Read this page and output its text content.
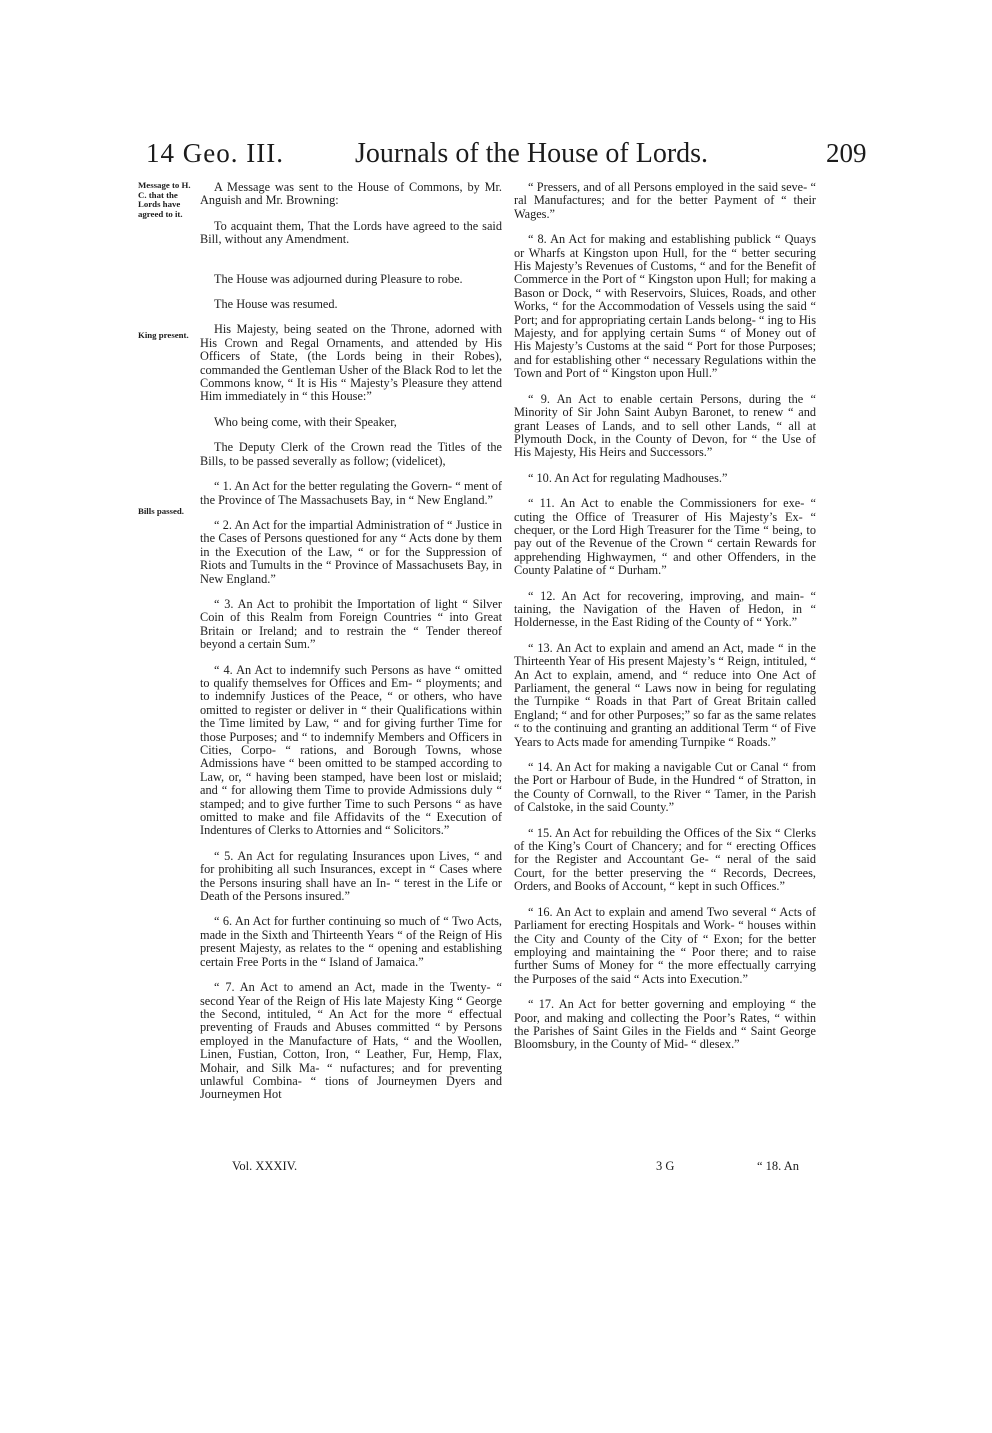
14 Geo. III.	Journals of the House of Lords.	209
Message to H. C. that the Lords have agreed to it.
King present.
Bills passed.

A Message was sent to the House of Commons, by Mr. Anguish and Mr. Browning:

To acquaint them, That the Lords have agreed to the said Bill, without any Amendment.

The House was adjourned during Pleasure to robe.

The House was resumed.

His Majesty, being seated on the Throne, adorned with His Crown and Regal Ornaments, and attended by His Officers of State, (the Lords being in their Robes), commanded the Gentleman Usher of the Black Rod to let the Commons know, “ It is His “ Majesty’s Pleasure they attend Him immediately in “ this House:”

Who being come, with their Speaker,

The Deputy Clerk of the Crown read the Titles of the Bills, to be passed severally as follow; (videlicet),

“ 1. An Act for the better regulating the Govern- “ ment of the Province of The Massachusets Bay, in “ New England.”

“ 2. An Act for the impartial Administration of “ Justice in the Cases of Persons questioned for any “ Acts done by them in the Execution of the Law, “ or for the Suppression of Riots and Tumults in the “ Province of Massachusets Bay, in New England.”

“ 3. An Act to prohibit the Importation of light “ Silver Coin of this Realm from Foreign Countries “ into Great Britain or Ireland; and to restrain the “ Tender thereof beyond a certain Sum.”

“ 4. An Act to indemnify such Persons as have “ omitted to qualify themselves for Offices and Em- “ ployments; and to indemnify Justices of the Peace, “ or others, who have omitted to register or deliver in “ their Qualifications within the Time limited by Law, “ and for giving further Time for those Purposes; and “ to indemnify Members and Officers in Cities, Corpo- “ rations, and Borough Towns, whose Admissions have “ been omitted to be stamped according to Law, or, “ having been stamped, have been lost or mislaid; and “ for allowing them Time to provide Admissions duly “ stamped; and to give further Time to such Persons “ as have omitted to make and file Affidavits of the “ Execution of Indentures of Clerks to Attornies and “ Solicitors.”

“ 5. An Act for regulating Insurances upon Lives, “ and for prohibiting all such Insurances, except in “ Cases where the Persons insuring shall have an In- “ terest in the Life or Death of the Persons insured.”

“ 6. An Act for further continuing so much of “ Two Acts, made in the Sixth and Thirteenth Years “ of the Reign of His present Majesty, as relates to the “ opening and establishing certain Free Ports in the “ Island of Jamaica.”

“ 7. An Act to amend an Act, made in the Twenty- “ second Year of the Reign of His late Majesty King “ George the Second, intituled, “ An Act for the more “ effectual preventing of Frauds and Abuses committed “ by Persons employed in the Manufacture of Hats, “ and the Woollen, Linen, Fustian, Cotton, Iron, “ Leather, Fur, Hemp, Flax, Mohair, and Silk Ma- “ nufactures; and for preventing unlawful Combina- “ tions of Journeymen Dyers and Journeymen Hot

“ Pressers, and of all Persons employed in the said seve- “ ral Manufactures; and for the better Payment of “ their Wages.”

“ 8. An Act for making and establishing publick “ Quays or Wharfs at Kingston upon Hull, for the “ better securing His Majesty’s Revenues of Customs, “ and for the Benefit of Commerce in the Port of “ Kingston upon Hull; for making a Bason or Dock, “ with Reservoirs, Sluices, Roads, and other Works, “ for the Accommodation of Vessels using the said “ Port; and for appropriating certain Lands belong- “ ing to His Majesty, and for applying certain Sums “ of Money out of His Majesty’s Customs at the said “ Port for those Purposes; and for establishing other “ necessary Regulations within the Town and Port of “ Kingston upon Hull.”

“ 9. An Act to enable certain Persons, during the “ Minority of Sir John Saint Aubyn Baronet, to renew “ and grant Leases of Lands, and to sell other Lands, “ all at Plymouth Dock, in the County of Devon, for “ the Use of His Majesty, His Heirs and Successors.”

“ 10. An Act for regulating Madhouses.”

“ 11. An Act to enable the Commissioners for exe- “ cuting the Office of Treasurer of His Majesty’s Ex- “ chequer, or the Lord High Treasurer for the Time “ being, to pay out of the Revenue of the Crown “ certain Rewards for apprehending Highwaymen, “ and other Offenders, in the County Palatine of “ Durham.”

“ 12. An Act for recovering, improving, and main- “ taining, the Navigation of the Haven of Hedon, in “ Holdernesse, in the East Riding of the County of “ York.”

“ 13. An Act to explain and amend an Act, made “ in the Thirteenth Year of His present Majesty’s “ Reign, intituled, “ An Act to explain, amend, and “ reduce into One Act of Parliament, the general “ Laws now in being for regulating the Turnpike “ Roads in that Part of Great Britain called England; “ and for other Purposes;” so far as the same relates “ to the continuing and granting an additional Term “ of Five Years to Acts made for amending Turnpike “ Roads.”

“ 14. An Act for making a navigable Cut or Canal “ from the Port or Harbour of Bude, in the Hundred “ of Stratton, in the County of Cornwall, to the River “ Tamer, in the Parish of Calstoke, in the said County.”

“ 15. An Act for rebuilding the Offices of the Six “ Clerks of the King’s Court of Chancery; and for “ erecting Offices for the Register and Accountant Ge- “ neral of the said Court, for the better preserving the “ Records, Decrees, Orders, and Books of Account, “ kept in such Offices.”

“ 16. An Act to explain and amend Two several “ Acts of Parliament for erecting Hospitals and Work- “ houses within the City and County of the City of “ Exon; for the better employing and maintaining the “ Poor there; and to raise further Sums of Money for “ the more effectually carrying the Purposes of the said “ Acts into Execution.”

“ 17. An Act for better governing and employing “ the Poor, and making and collecting the Poor’s Rates, “ within the Parishes of Saint Giles in the Fields and “ Saint George Bloomsbury, in the County of Mid- “ dlesex.”

Vol. XXXIV.	3 G	“ 18. An
